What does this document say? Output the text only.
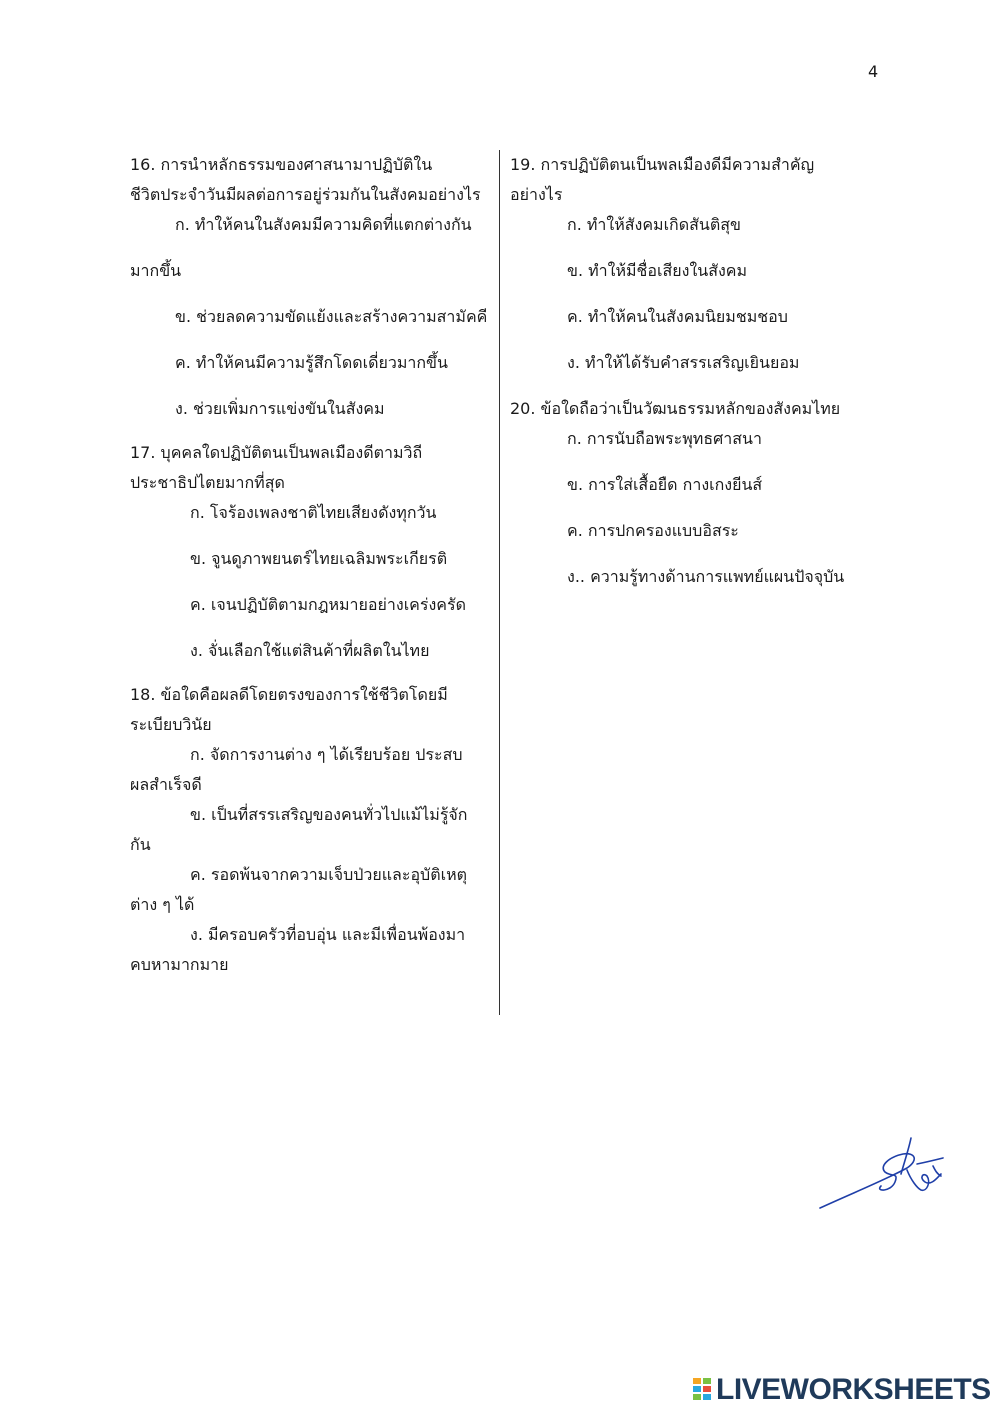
4

16. การนำหลักธรรมของศาสนามาปฏิบัติใน

ชีวิตประจำวันมีผลต่อการอยู่ร่วมกันในสังคมอย่างไร

ก. ทำให้คนในสังคมมีความคิดที่แตกต่างกัน

มากขึ้น

ข. ช่วยลดความขัดแย้งและสร้างความสามัคคี

ค. ทำให้คนมีความรู้สึกโดดเดี่ยวมากขึ้น

ง. ช่วยเพิ่มการแข่งขันในสังคม

17. บุคคลใดปฏิบัติตนเป็นพลเมืองดีตามวิถี

ประชาธิปไตยมากที่สุด

ก. โจร้องเพลงชาติไทยเสียงดังทุกวัน

ข. จูนดูภาพยนตร์ไทยเฉลิมพระเกียรติ

ค. เจนปฏิบัติตามกฎหมายอย่างเคร่งครัด

ง. จั่นเลือกใช้แต่สินค้าที่ผลิตในไทย

18. ข้อใดคือผลดีโดยตรงของการใช้ชีวิตโดยมี

ระเบียบวินัย

ก. จัดการงานต่าง ๆ ได้เรียบร้อย ประสบ

ผลสำเร็จดี

ข. เป็นที่สรรเสริญของคนทั่วไปแม้ไม่รู้จัก

กัน

ค. รอดพ้นจากความเจ็บป่วยและอุบัติเหตุ

ต่าง ๆ ได้

ง. มีครอบครัวที่อบอุ่น และมีเพื่อนพ้องมา

คบหามากมาย

19. การปฏิบัติตนเป็นพลเมืองดีมีความสำคัญ

อย่างไร

ก. ทำให้สังคมเกิดสันติสุข

ข. ทำให้มีชื่อเสียงในสังคม

ค. ทำให้คนในสังคมนิยมชมชอบ

ง. ทำให้ได้รับคำสรรเสริญเยินยอม

20. ข้อใดถือว่าเป็นวัฒนธรรมหลักของสังคมไทย

ก. การนับถือพระพุทธศาสนา

ข. การใส่เสื้อยืด กางเกงยีนส์

ค. การปกครองแบบอิสระ

ง.. ความรู้ทางด้านการแพทย์แผนปัจจุบัน

LIVEWORKSHEETS
